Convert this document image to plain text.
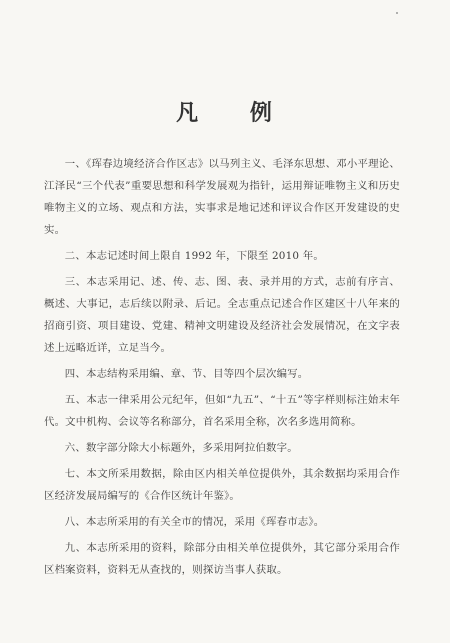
凡 例

一、《珲春边境经济合作区志》以马列主义、毛泽东思想、邓小平理论、江泽民“三个代表”重要思想和科学发展观为指针，运用辩证唯物主义和历史唯物主义的立场、观点和方法，实事求是地记述和评议合作区开发建设的史实。

二、本志记述时间上限自 1992 年，下限至 2010 年。

三、本志采用记、述、传、志、图、表、录并用的方式，志前有序言、概述、大事记，志后续以附录、后记。全志重点记述合作区建区十八年来的招商引资、项目建设、党建、精神文明建设及经济社会发展情况，在文字表述上远略近详，立足当今。

四、本志结构采用编、章、节、目等四个层次编写。

五、本志一律采用公元纪年，但如“九五”、“十五”等字样则标注始末年代。文中机构、会议等名称部分，首名采用全称，次名多选用简称。

六、数字部分除大小标题外，多采用阿拉伯数字。

七、本文所采用数据，除由区内相关单位提供外，其余数据均采用合作区经济发展局编写的《合作区统计年鉴》。

八、本志所采用的有关全市的情况，采用《珲春市志》。

九、本志所采用的资料，除部分由相关单位提供外，其它部分采用合作区档案资料，资料无从查找的，则探访当事人获取。
